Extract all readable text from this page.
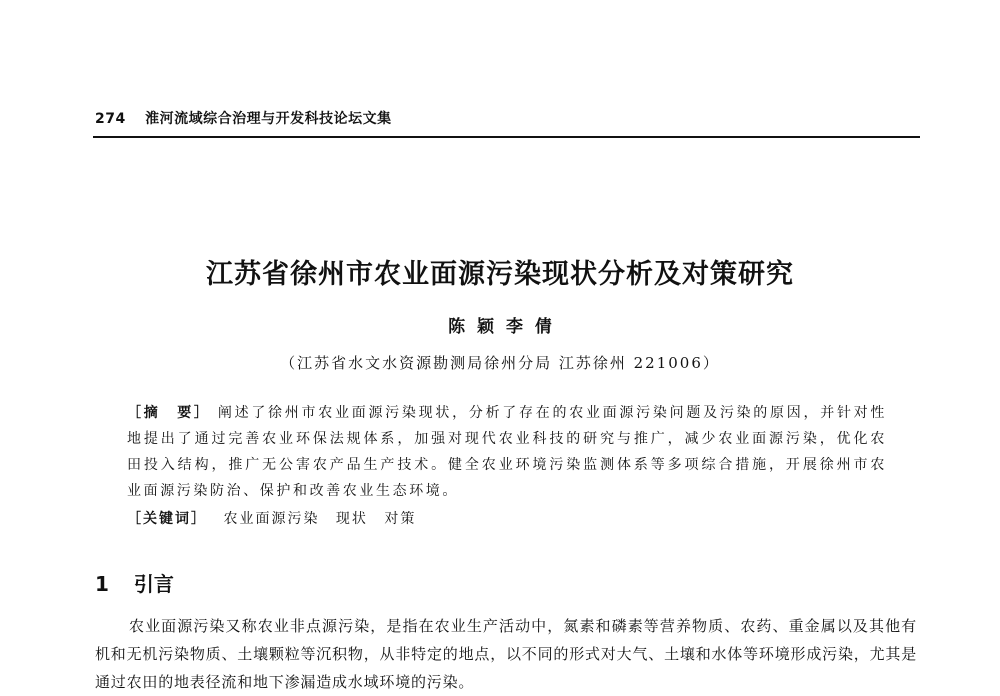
274 淮河流域综合治理与开发科技论坛文集
江苏省徐州市农业面源污染现状分析及对策研究
陈 颖 李 倩
（江苏省水文水资源勘测局徐州分局 江苏徐州 221006）
［摘　要］ 阐述了徐州市农业面源污染现状，分析了存在的农业面源污染问题及污染的原因，并针对性地提出了通过完善农业环保法规体系，加强对现代农业科技的研究与推广，减少农业面源污染，优化农田投入结构，推广无公害农产品生产技术。健全农业环境污染监测体系等多项综合措施，开展徐州市农业面源污染防治、保护和改善农业生态环境。
［关键词］ 农业面源污染 现状 对策
1 引言
农业面源污染又称农业非点源污染，是指在农业生产活动中，氮素和磷素等营养物质、农药、重金属以及其他有机和无机污染物质、土壤颗粒等沉积物，从非特定的地点，以不同的形式对大气、土壤和水体等环境形成污染，尤其是通过农田的地表径流和地下渗漏造成水域环境的污染。
